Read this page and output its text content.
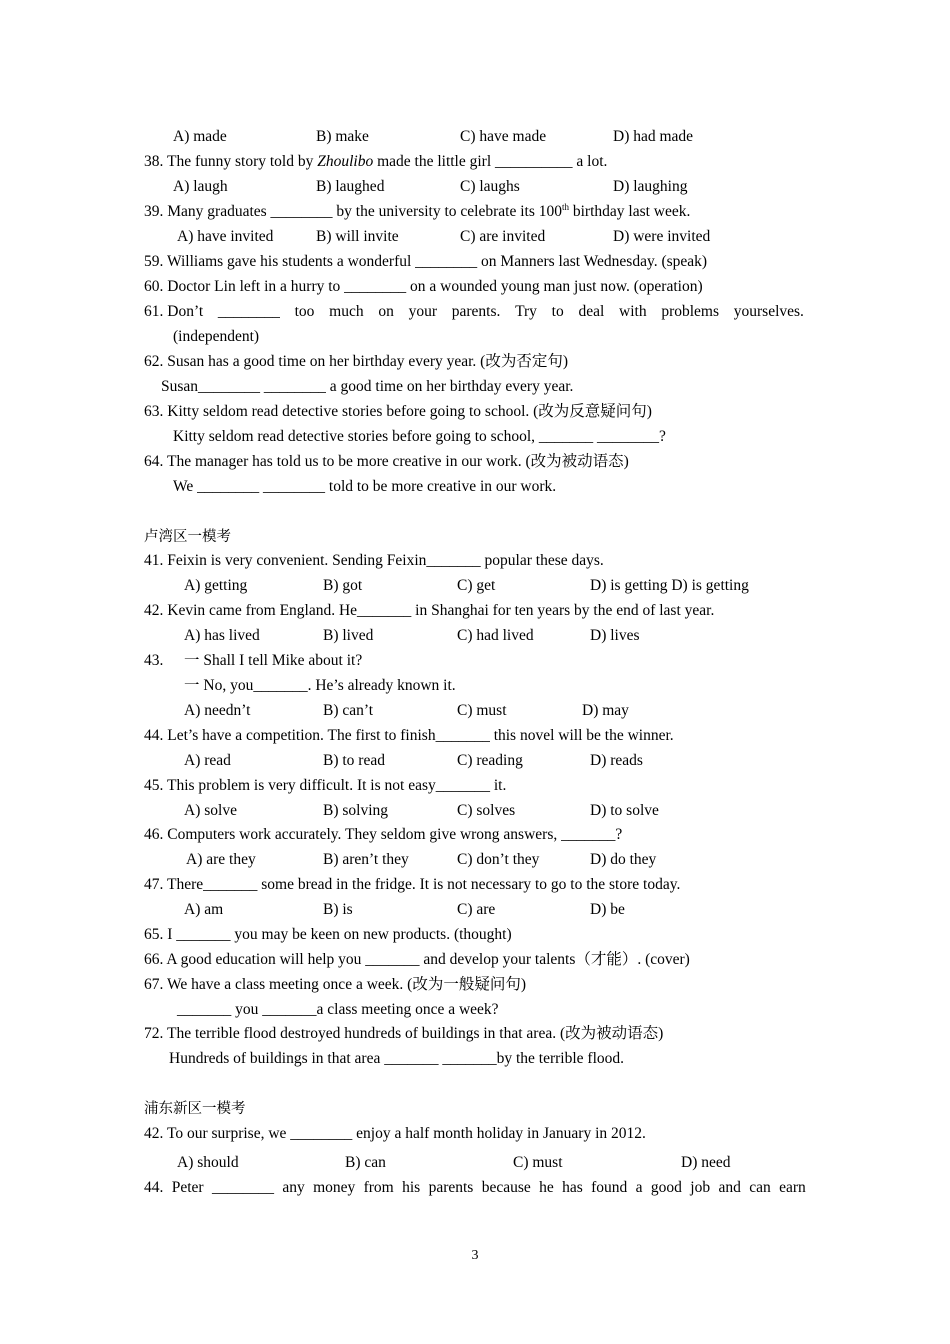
A) made	B) make	C) have made	D) had made
38. The funny story told by Zhoulibo made the little girl __________ a lot.
A) laugh	B) laughed	C) laughs	D) laughing
39. Many graduates ________ by the university to celebrate its 100th birthday last week.
A) have invited	B) will invite	C) are invited	D) were invited
59. Williams gave his students a wonderful ________ on Manners last Wednesday. (speak)
60. Doctor Lin left in a hurry to ________ on a wounded young man just now. (operation)
61. Don’t ________ too much on your parents. Try to deal with problems yourselves.
(independent)
62. Susan has a good time on her birthday every year. (改为否定句)
Susan________ ________ a good time on her birthday every year.
63. Kitty seldom read detective stories before going to school. (改为反意疑问句)
Kitty seldom read detective stories before going to school, _______ ________?
64. The manager has told us to be more creative in our work. (改为被动语态)
We ________ ________ told to be more creative in our work.
卢湾区一模考
41. Feixin is very convenient. Sending Feixin_______ popular these days.
A) getting	B) got	C) get	D) is getting D) is getting
42. Kevin came from England. He_______ in Shanghai for ten years by the end of last year.
A) has lived	B) lived	C) had lived	D) lives
43. 一 Shall I tell Mike about it?
一 No, you_______. He’s already known it.
A) needn’t	B) can’t	C) must	D) may
44. Let’s have a competition. The first to finish_______ this novel will be the winner.
A) read	B) to read	C) reading	D) reads
45. This problem is very difficult. It is not easy_______ it.
A) solve	B) solving	C) solves	D) to solve
46. Computers work accurately. They seldom give wrong answers, _______?
A) are they	B) aren’t they	C) don’t they	D) do they
47. There_______ some bread in the fridge. It is not necessary to go to the store today.
A) am	B) is	C) are	D) be
65. I _______ you may be keen on new products. (thought)
66. A good education will help you _______ and develop your talents（才能）. (cover)
67. We have a class meeting once a week. (改为一般疑问句)
_______ you _______a class meeting once a week?
72. The terrible flood destroyed hundreds of buildings in that area. (改为被动语态)
Hundreds of buildings in that area _______ _______by the terrible flood.
浦东新区一模考
42. To our surprise, we ________ enjoy a half month holiday in January in 2012.
A) should	B) can	C) must	D) need
44. Peter ________ any money from his parents because he has found a good job and can earn
3
